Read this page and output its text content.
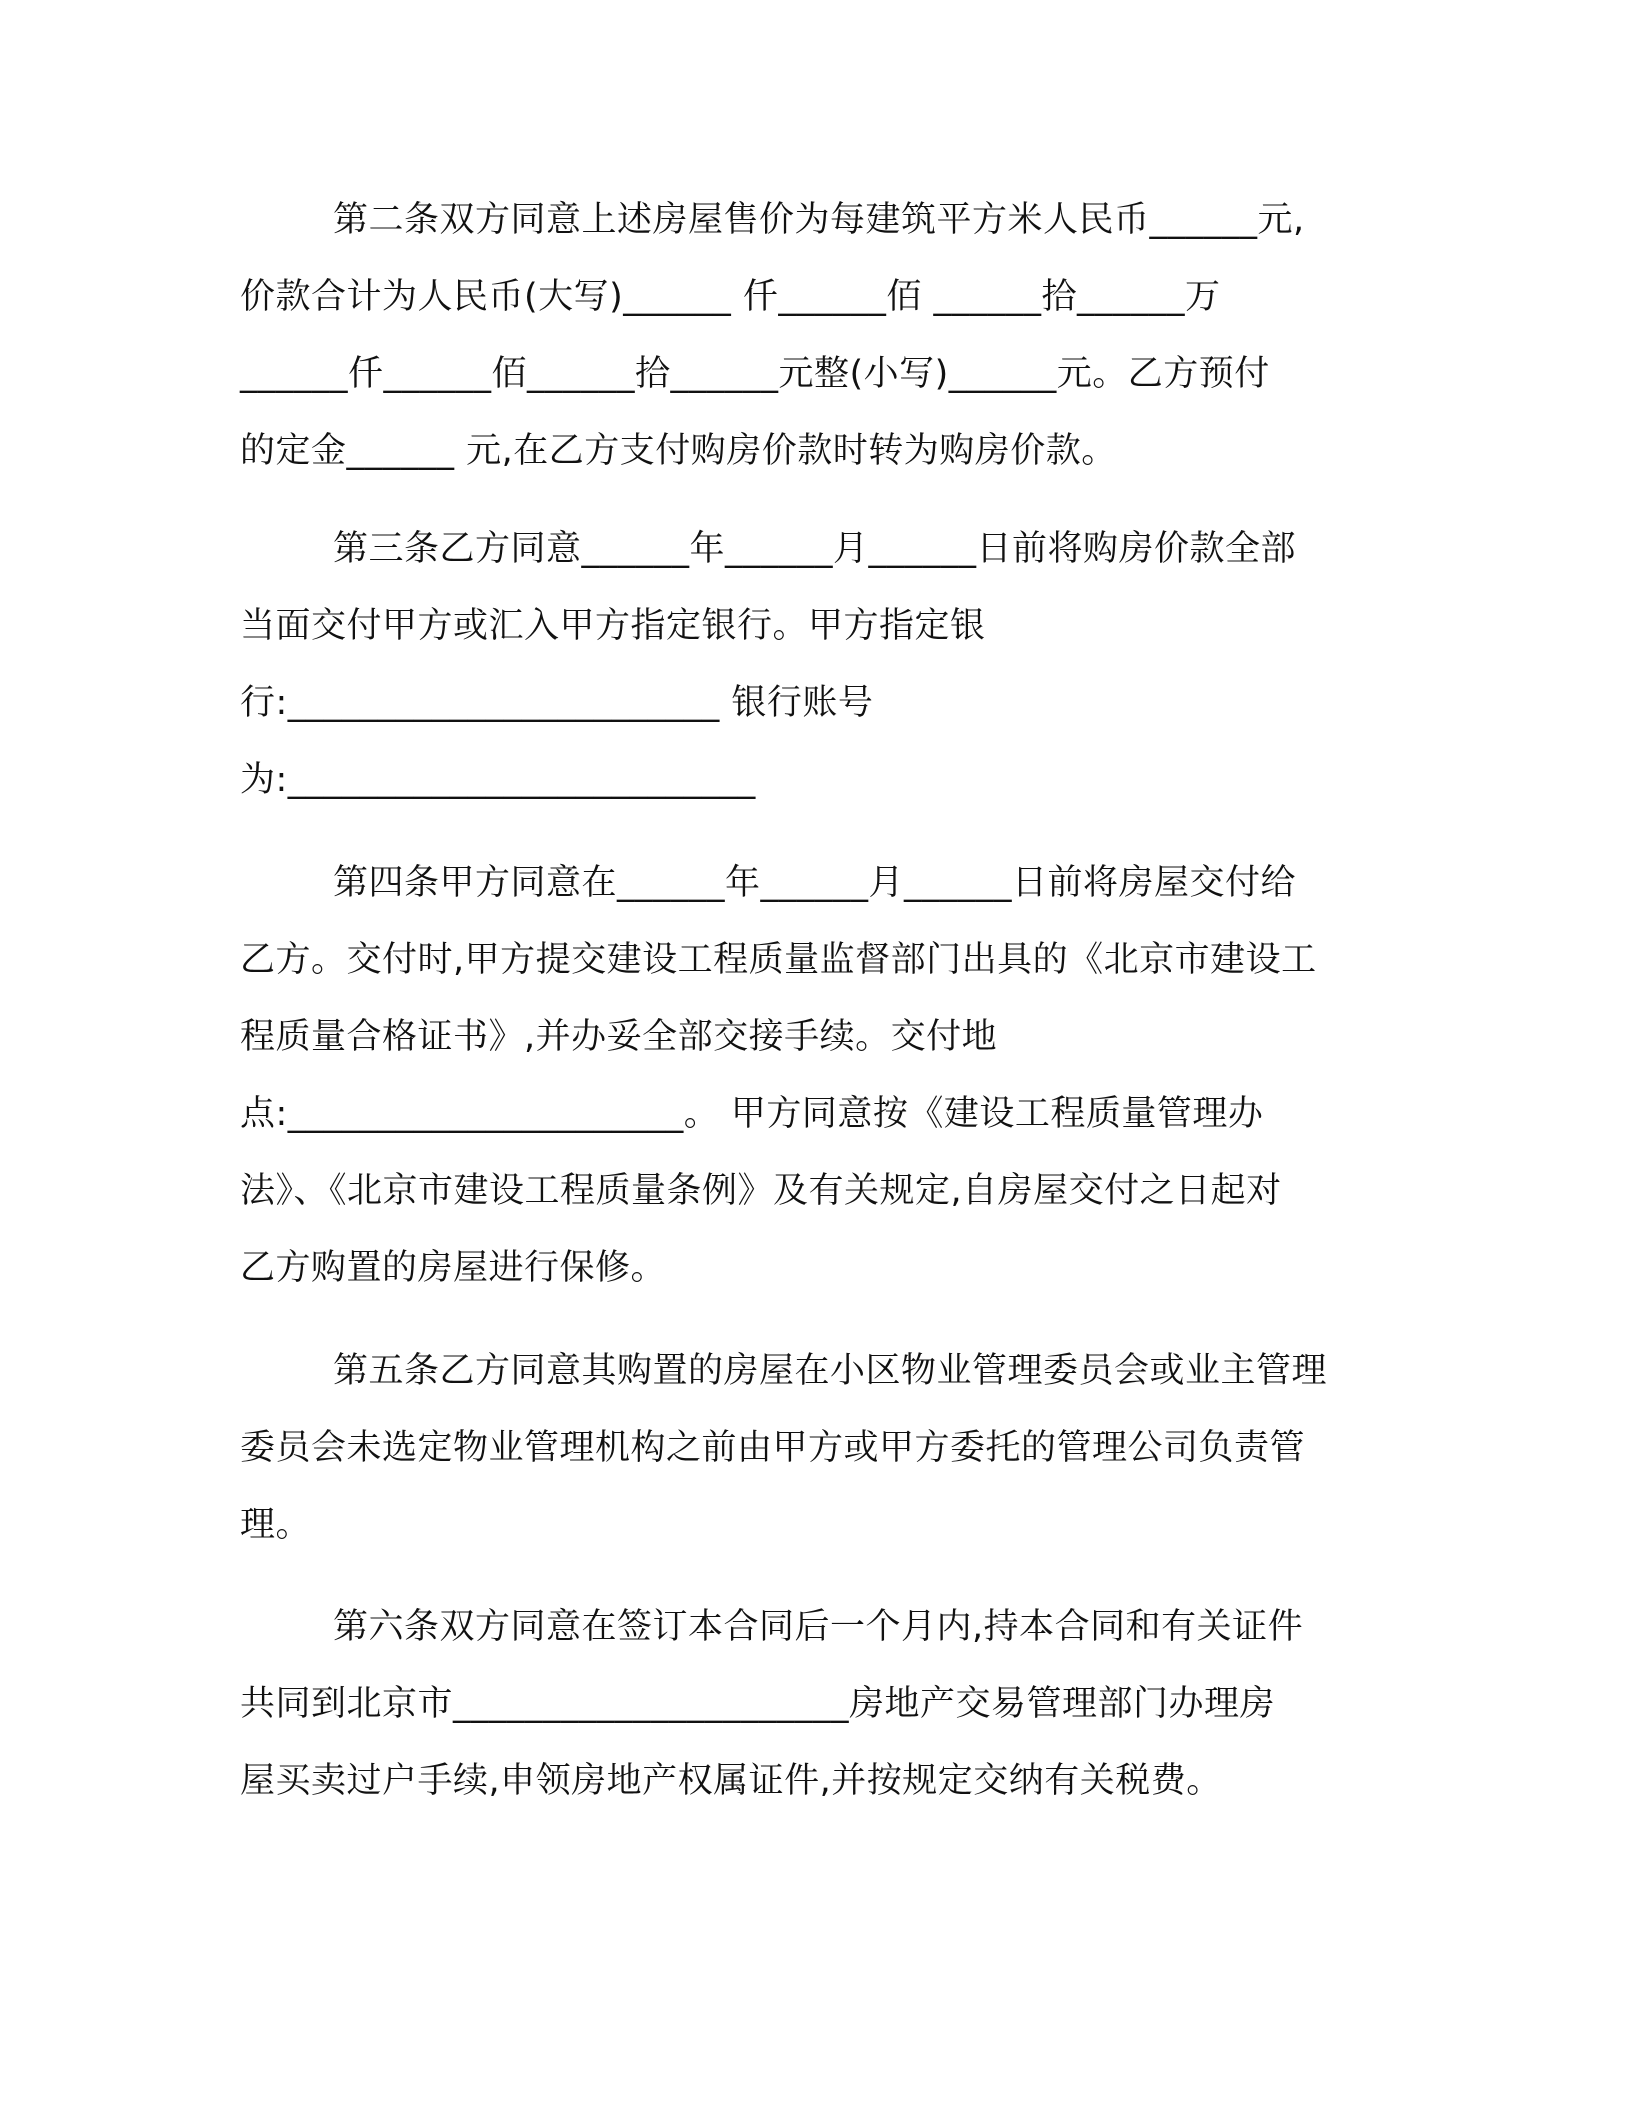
第二条双方同意上述房屋售价为每建筑平方米人民币______元,
价款合计为人民币(大写)______ 仟______佰 ______拾______万
______仟______佰______拾______元整(小写)______元。乙方预付
的定金______ 元,在乙方支付购房价款时转为购房价款。
第三条乙方同意______年______月______日前将购房价款全部
当面交付甲方或汇入甲方指定银行。甲方指定银
行:________________________ 银行账号
为:__________________________
第四条甲方同意在______年______月______日前将房屋交付给
乙方。交付时,甲方提交建设工程质量监督部门出具的《北京市建设工
程质量合格证书》,并办妥全部交接手续。交付地
点:______________________。 甲方同意按《建设工程质量管理办
法》、《北京市建设工程质量条例》及有关规定,自房屋交付之日起对
乙方购置的房屋进行保修。
第五条乙方同意其购置的房屋在小区物业管理委员会或业主管理
委员会未选定物业管理机构之前由甲方或甲方委托的管理公司负责管
理。
第六条双方同意在签订本合同后一个月内,持本合同和有关证件
共同到北京市______________________房地产交易管理部门办理房
屋买卖过户手续,申领房地产权属证件,并按规定交纳有关税费。
